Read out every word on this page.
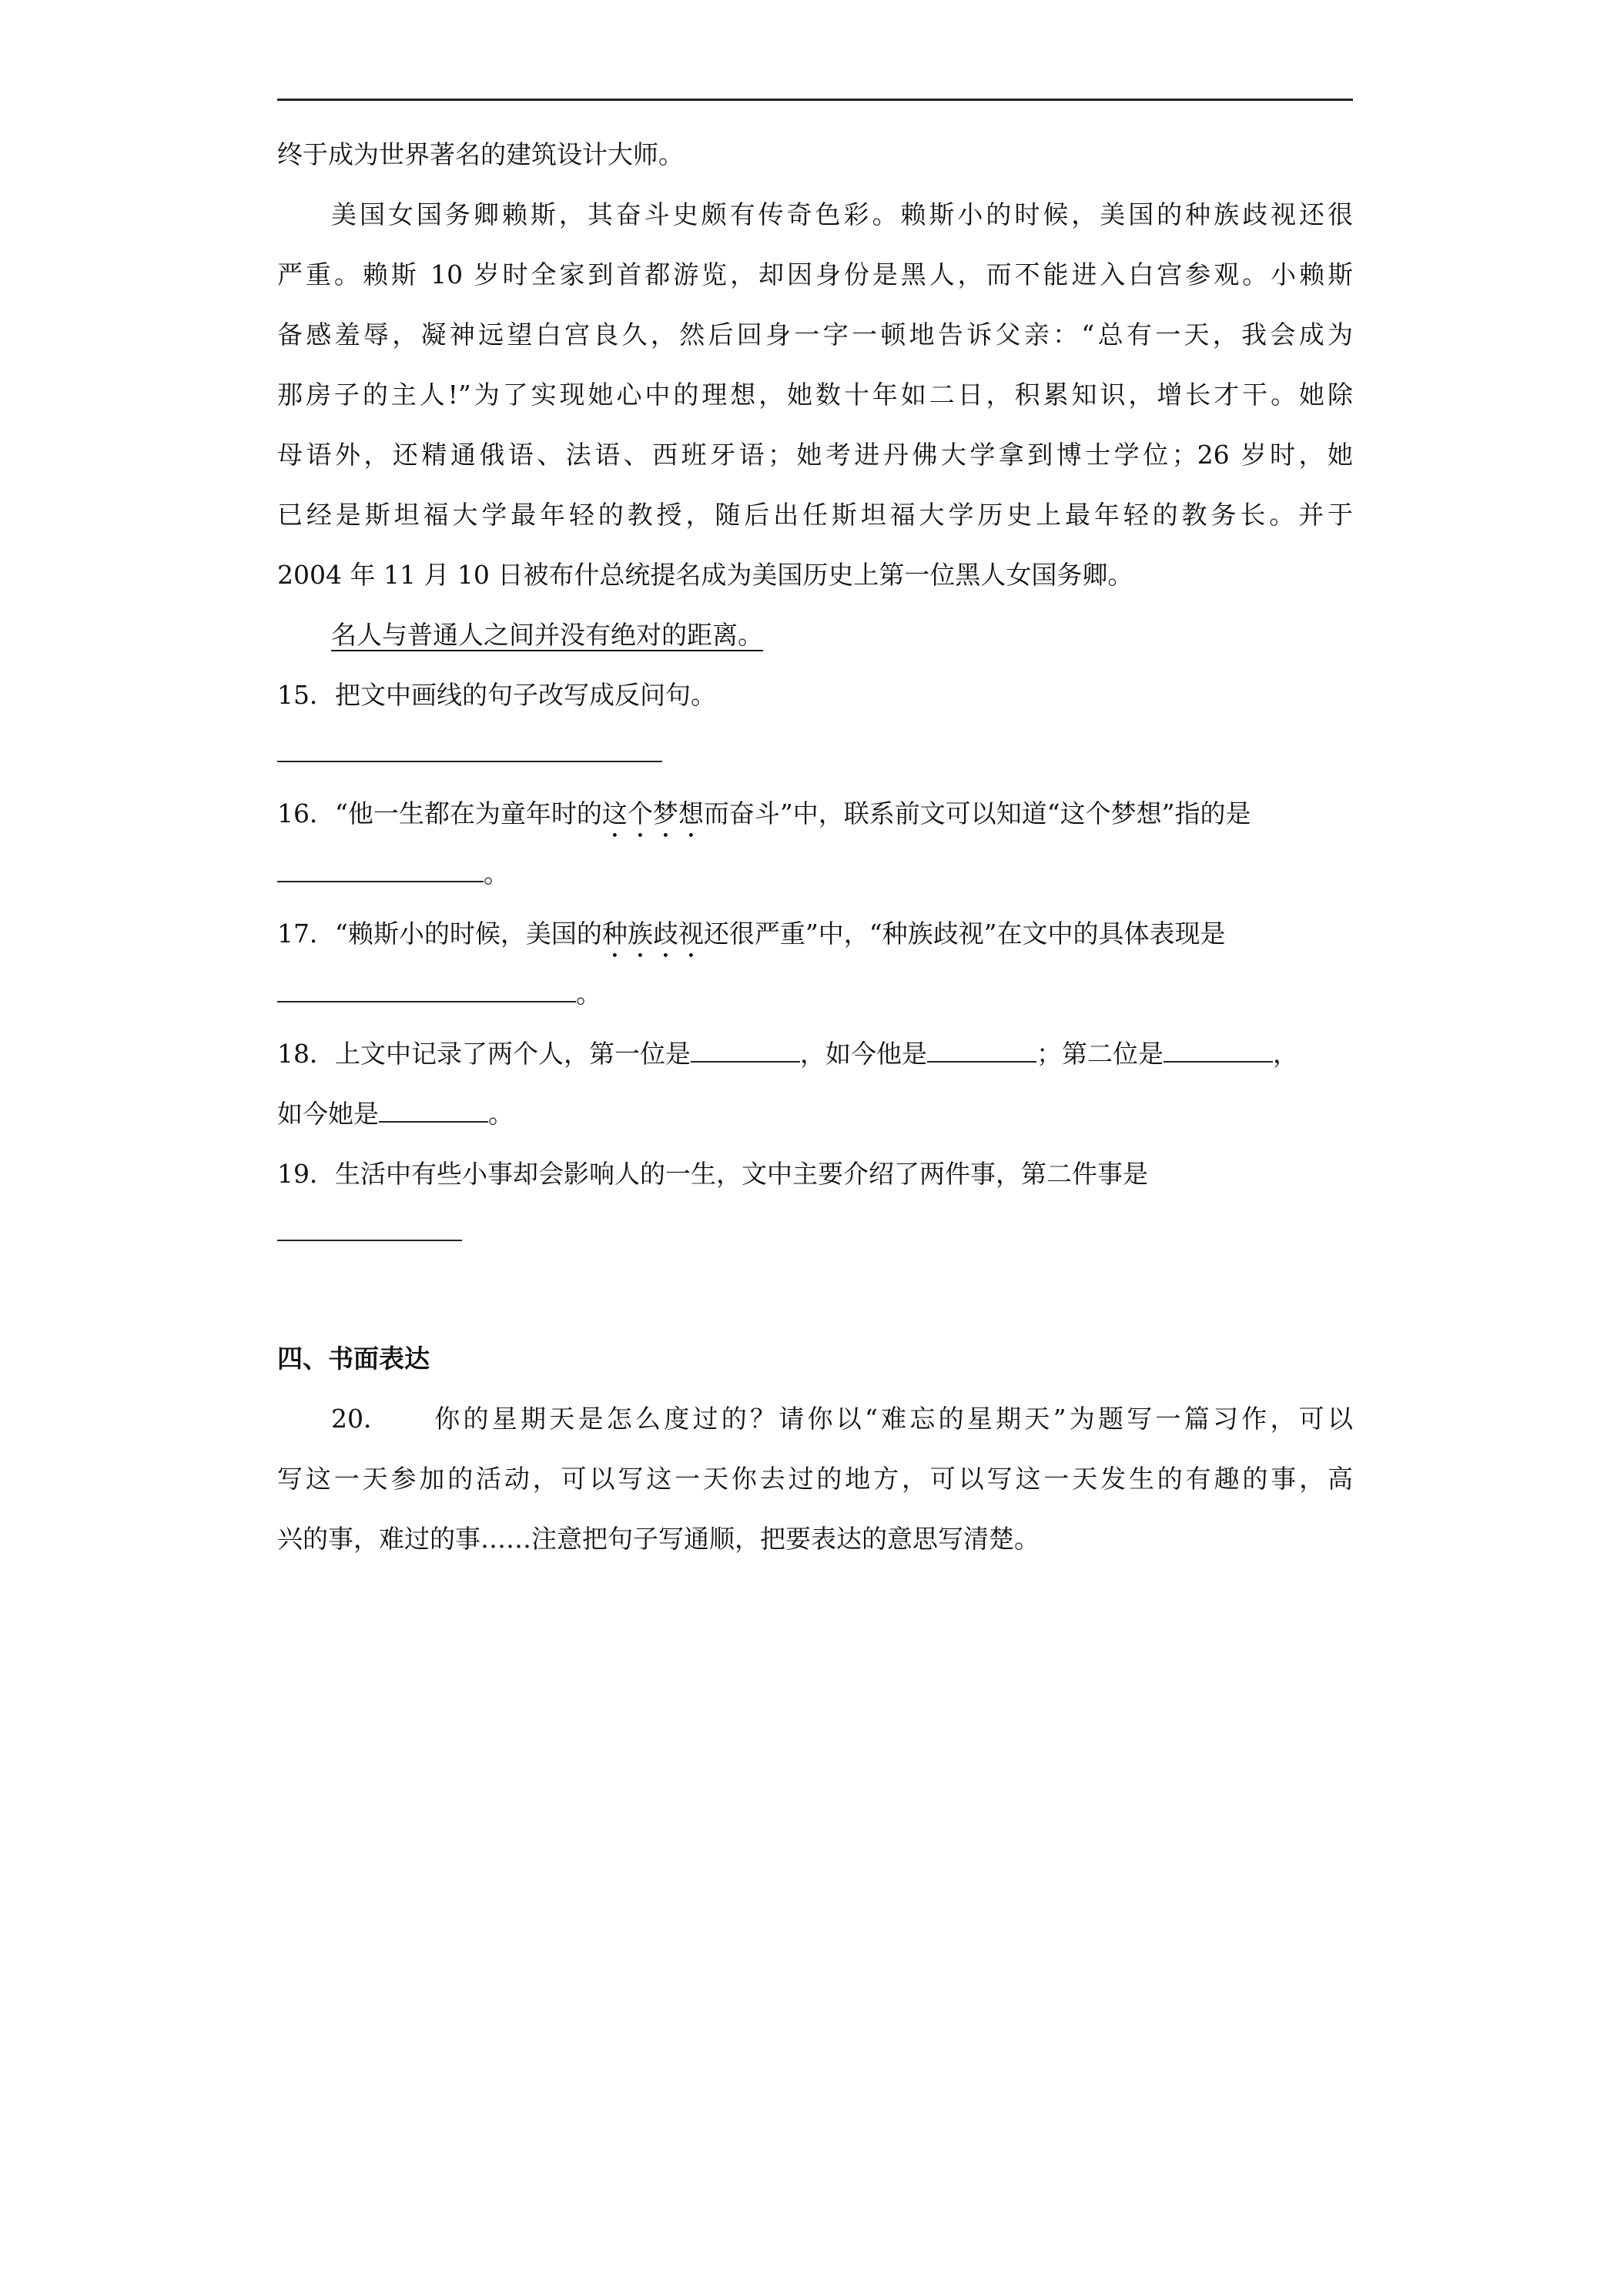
终于成为世界著名的建筑设计大师。
美国女国务卿赖斯，其奋斗史颇有传奇色彩。赖斯小的时候，美国的种族歧视还很
严重。赖斯 10 岁时全家到首都游览，却因身份是黑人，而不能进入白宫参观。小赖斯
备感羞辱，凝神远望白宫良久，然后回身一字一顿地告诉父亲：“总有一天，我会成为
那房子的主人!”为了实现她心中的理想，她数十年如二日，积累知识，增长才干。她除
母语外，还精通俄语、法语、西班牙语；她考进丹佛大学拿到博士学位；26 岁时，她
已经是斯坦福大学最年轻的教授，随后出任斯坦福大学历史上最年轻的教务长。并于
2004 年 11 月 10 日被布什总统提名成为美国历史上第一位黑人女国务卿。
名人与普通人之间并没有绝对的距离。
15．把文中画线的句子改写成反问句。
16．“他一生都在为童年时的这个梦想而奋斗”中，联系前文可以知道“这个梦想”指的是
。
17．“赖斯小的时候，美国的种族歧视还很严重”中，“种族歧视”在文中的具体表现是
。
18．上文中记录了两个人，第一位是	，如今他是	；第二位是	，
如今她是	。
19．生活中有些小事却会影响人的一生，文中主要介绍了两件事，第二件事是
四、书面表达
20． 你的星期天是怎么度过的？请你以“难忘的星期天”为题写一篇习作，可以
写这一天参加的活动，可以写这一天你去过的地方，可以写这一天发生的有趣的事，高
兴的事，难过的事……注意把句子写通顺，把要表达的意思写清楚。
